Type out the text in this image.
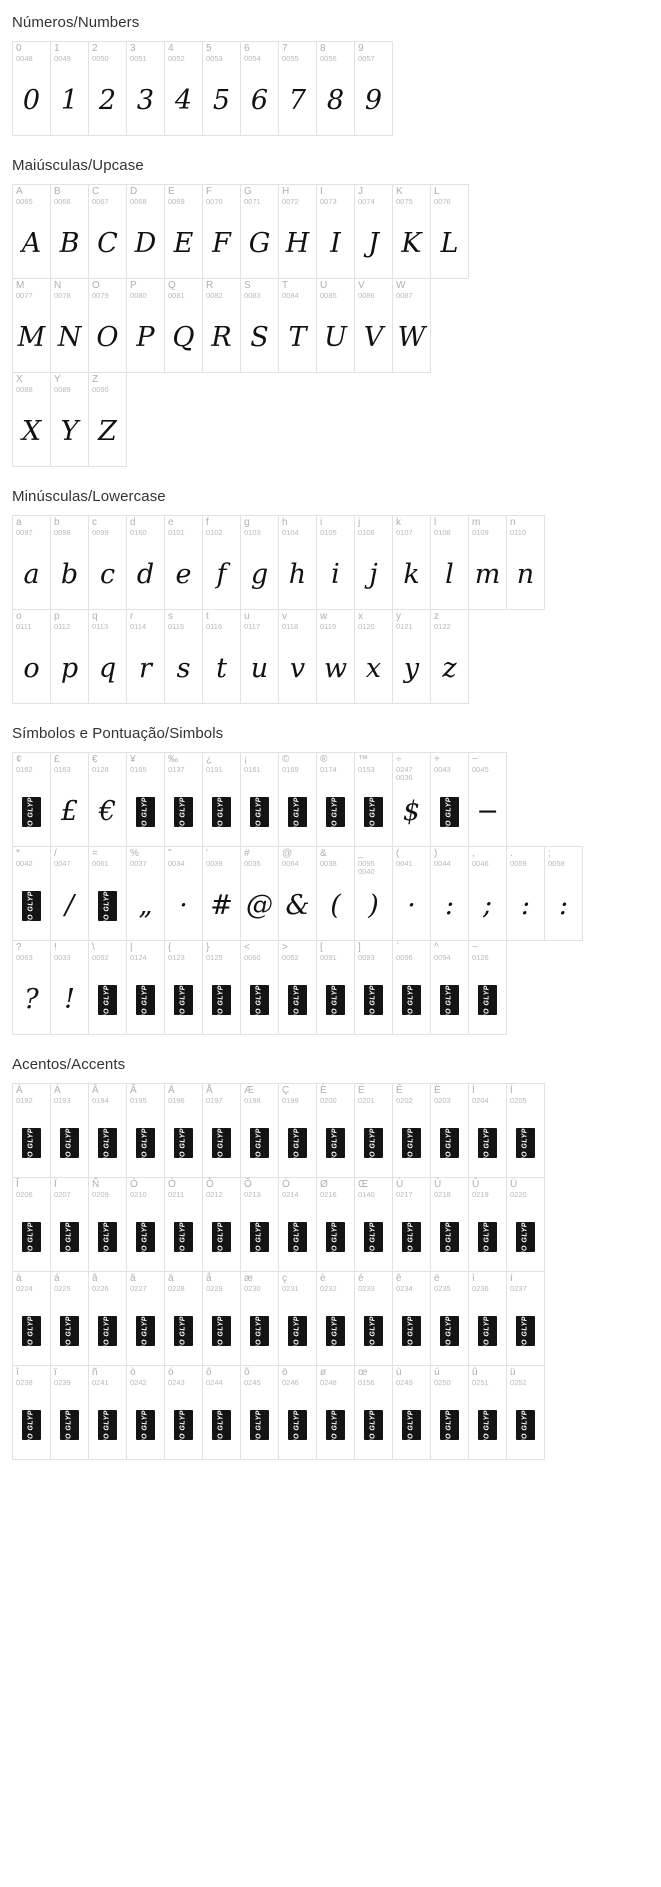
Números/Numbers
0
0048
0
1
0049
1
2
0050
2
3
0051
3
4
0052
4
5
0053
5
6
0054
6
7
0055
7
8
0056
8
9
0057
9
Maiúsculas/Upcase
A
0065
A
B
0066
B
C
0067
C
D
0068
D
E
0069
E
F
0070
F
G
0071
G
H
0072
H
I
0073
I
J
0074
J
K
0075
K
L
0076
L
M
0077
M
N
0078
N
O
0079
O
P
0080
P
Q
0081
Q
R
0082
R
S
0083
S
T
0084
T
U
0085
U
V
0086
V
W
0087
W
X
0088
X
Y
0089
Y
Z
0090
Z
Minúsculas/Lowercase
a
0097
a
b
0098
b
c
0099
c
d
0160
d
e
0101
e
f
0102
f
g
0103
g
h
0104
h
i
0105
i
j
0106
j
k
0107
k
l
0108
l
m
0109
m
n
0110
n
o
0111
o
p
0112
p
q
0113
q
r
0114
r
s
0115
s
t
0116
t
u
0117
u
v
0118
v
w
0119
w
x
0120
x
y
0121
y
z
0122
z
Símbolos e Pontuação/Simbols
¢
0162
NO GLYPH
£
0163
£
€
0128
€
¥
0165
NO GLYPH
‰
0137
NO GLYPH
¿
0191
NO GLYPH
¡
0161
NO GLYPH
©
0169
NO GLYPH
®
0174
NO GLYPH
™
0153
NO GLYPH
÷
0247 0036
$
+
0043
NO GLYPH
−
0045
−
*
0042
NO GLYPH
/
0047
/
=
0061
NO GLYPH
%
0037
„
"
0034
·
'
0039
#
#
0035
@
@
0064
&
&
0038
(
_
0095 0040
)
(
0041
·
)
0044
:
,
0046
;
.
0059
:
;
0058
:
?
0063
?
!
0033
!
\
0092
NO GLYPH
|
0124
NO GLYPH
{
0123
NO GLYPH
}
0125
NO GLYPH
<
0060
NO GLYPH
>
0062
NO GLYPH
[
0091
NO GLYPH
]
0093
NO GLYPH
`
0096
NO GLYPH
^
0094
NO GLYPH
~
0126
NO GLYPH
Acentos/Accents
À
0192
NO GLYPH
Á
0193
NO GLYPH
Â
0194
NO GLYPH
Ã
0195
NO GLYPH
Ä
0196
NO GLYPH
Å
0197
NO GLYPH
Æ
0198
NO GLYPH
Ç
0199
NO GLYPH
È
0200
NO GLYPH
É
0201
NO GLYPH
Ê
0202
NO GLYPH
Ë
0203
NO GLYPH
Ì
0204
NO GLYPH
Í
0205
NO GLYPH
Î
0206
NO GLYPH
Ï
0207
NO GLYPH
Ñ
0209
NO GLYPH
Ò
0210
NO GLYPH
Ó
0211
NO GLYPH
Ô
0212
NO GLYPH
Õ
0213
NO GLYPH
Ö
0214
NO GLYPH
Ø
0216
NO GLYPH
Œ
0140
NO GLYPH
Ù
0217
NO GLYPH
Ú
0218
NO GLYPH
Û
0219
NO GLYPH
Ü
0220
NO GLYPH
à
0224
NO GLYPH
á
0225
NO GLYPH
â
0226
NO GLYPH
ã
0227
NO GLYPH
ä
0228
NO GLYPH
å
0229
NO GLYPH
æ
0230
NO GLYPH
ç
0231
NO GLYPH
è
0232
NO GLYPH
é
0233
NO GLYPH
ê
0234
NO GLYPH
ë
0235
NO GLYPH
ì
0236
NO GLYPH
í
0237
NO GLYPH
î
0238
NO GLYPH
ï
0239
NO GLYPH
ñ
0241
NO GLYPH
ò
0242
NO GLYPH
ó
0243
NO GLYPH
ô
0244
NO GLYPH
õ
0245
NO GLYPH
ö
0246
NO GLYPH
ø
0248
NO GLYPH
œ
0156
NO GLYPH
ù
0249
NO GLYPH
ú
0250
NO GLYPH
û
0251
NO GLYPH
ü
0252
NO GLYPH
